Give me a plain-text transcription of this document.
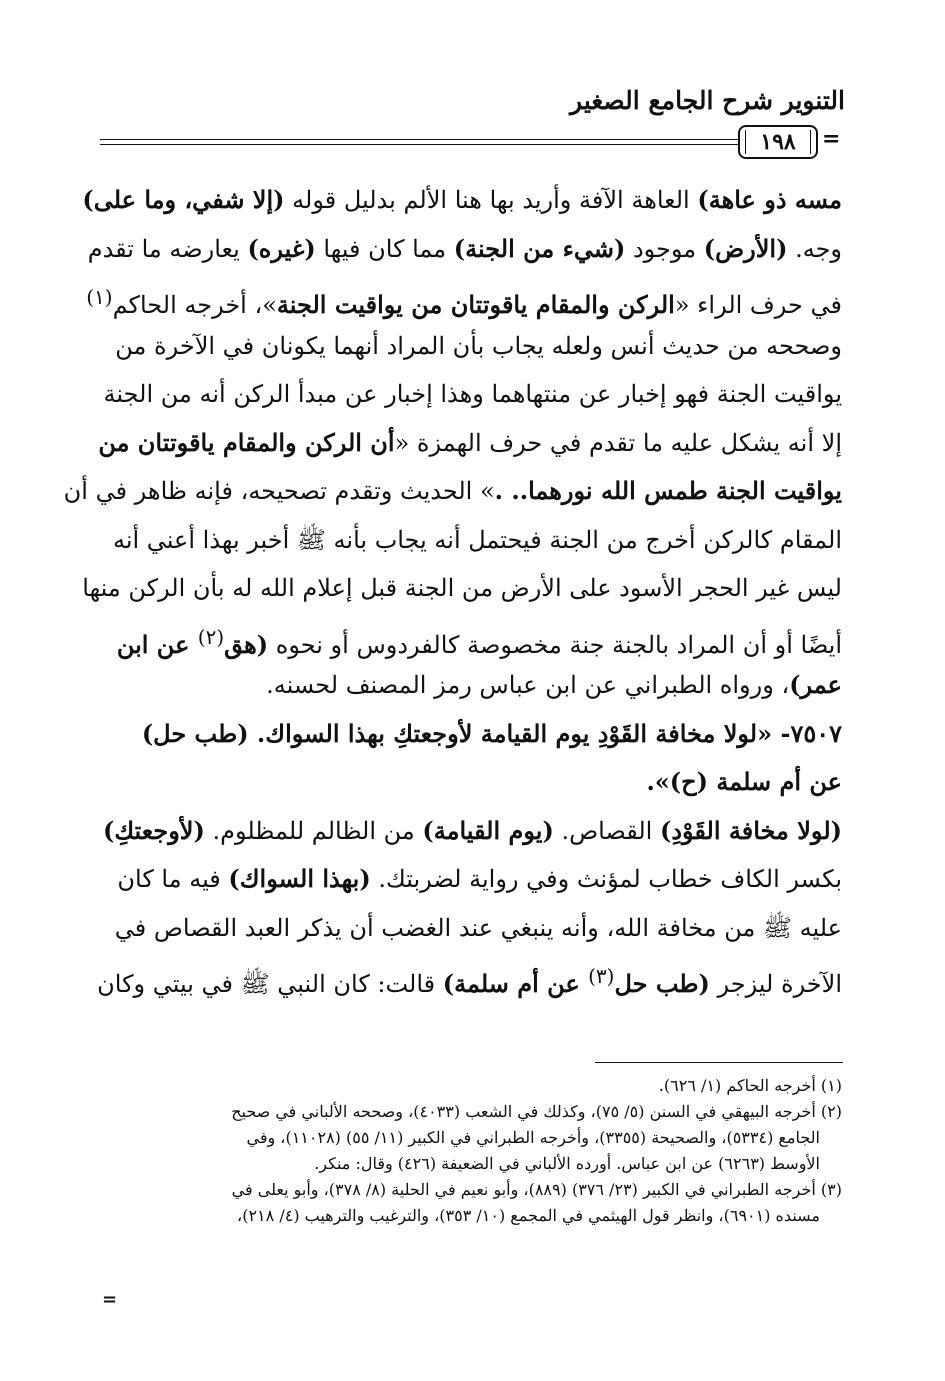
التنوير شرح الجامع الصغير
١٩٨	=
مسه ذو عاهة) العاهة الآفة وأريد بها هنا الألم بدليل قوله (إلا شفي، وما على)
وجه. (الأرض) موجود (شيء من الجنة) مما كان فيها (غيره) يعارضه ما تقدم
في حرف الراء «الركن والمقام ياقوتتان من يواقيت الجنة»، أخرجه الحاكم$^{(١)}$
وصححه من حديث أنس ولعله يجاب بأن المراد أنهما يكونان في الآخرة من
يواقيت الجنة فهو إخبار عن منتهاهما وهذا إخبار عن مبدأ الركن أنه من الجنة
إلا أنه يشكل عليه ما تقدم في حرف الهمزة «أن الركن والمقام ياقوتتان من
يواقيت الجنة طمس الله نورهما.. .» الحديث وتقدم تصحيحه، فإنه ظاهر في أن
المقام كالركن أخرج من الجنة فيحتمل أنه يجاب بأنه ﷺ أخبر بهذا أعني أنه
ليس غير الحجر الأسود على الأرض من الجنة قبل إعلام الله له بأن الركن منها
أيضًا أو أن المراد بالجنة جنة مخصوصة كالفردوس أو نحوه (هق$^{(٢)}$ عن ابن
عمر)، ورواه الطبراني عن ابن عباس رمز المصنف لحسنه.
٧٥٠٧- «لولا مخافة القَوْدِ يوم القيامة لأوجعتكِ بهذا السواك. (طب حل)
عن أم سلمة (ح)».
(لولا مخافة القَوْدِ) القصاص. (يوم القيامة) من الظالم للمظلوم. (لأوجعتكِ)
بكسر الكاف خطاب لمؤنث وفي رواية لضربتك. (بهذا السواك) فيه ما كان
عليه ﷺ من مخافة الله، وأنه ينبغي عند الغضب أن يذكر العبد القصاص في
الآخرة ليزجر (طب حل$^{(٣)}$ عن أم سلمة) قالت: كان النبي ﷺ في بيتي وكان
(١) أخرجه الحاكم (١/ ٦٢٦).
(٢) أخرجه البيهقي في السنن (٥/ ٧٥)، وكذلك في الشعب (٤٠٣٣)، وصححه الألباني في صحيح
الجامع (٥٣٣٤)، والصحيحة (٣٣٥٥)، وأخرجه الطبراني في الكبير (١١/ ٥٥) (١١٠٢٨)، وفي
الأوسط (٦٢٦٣) عن ابن عباس. أورده الألباني في الضعيفة (٤٢٦) وقال: منكر.
(٣) أخرجه الطبراني في الكبير (٢٣/ ٣٧٦) (٨٨٩)، وأبو نعيم في الحلية (٨/ ٣٧٨)، وأبو يعلى في
مسنده (٦٩٠١)، وانظر قول الهيثمي في المجمع (١٠/ ٣٥٣)، والترغيب والترهيب (٤/ ٢١٨)،
=
